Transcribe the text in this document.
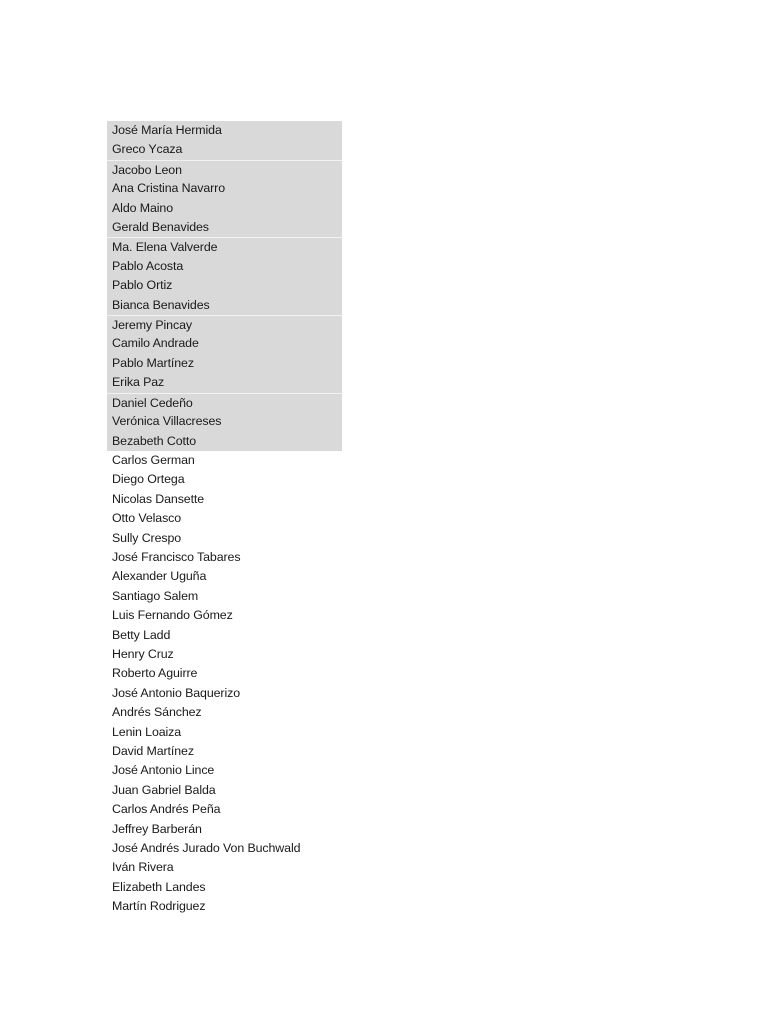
José María Hermida
Greco Ycaza
Jacobo Leon
Ana Cristina Navarro
Aldo Maino
Gerald Benavides
Ma. Elena Valverde
Pablo Acosta
Pablo Ortiz
Bianca Benavides
Jeremy Pincay
Camilo Andrade
Pablo Martínez
Erika Paz
Daniel Cedeño
Verónica Villacreses
Bezabeth Cotto
Carlos German
Diego Ortega
Nicolas Dansette
Otto Velasco
Sully Crespo
José Francisco Tabares
Alexander Uguña
Santiago Salem
Luis Fernando Gómez
Betty Ladd
Henry Cruz
Roberto Aguirre
José Antonio Baquerizo
Andrés Sánchez
Lenin Loaiza
David Martínez
José Antonio Lince
Juan Gabriel Balda
Carlos Andrés Peña
Jeffrey Barberán
José Andrés Jurado Von Buchwald
Iván Rivera
Elizabeth Landes
Martín Rodriguez
